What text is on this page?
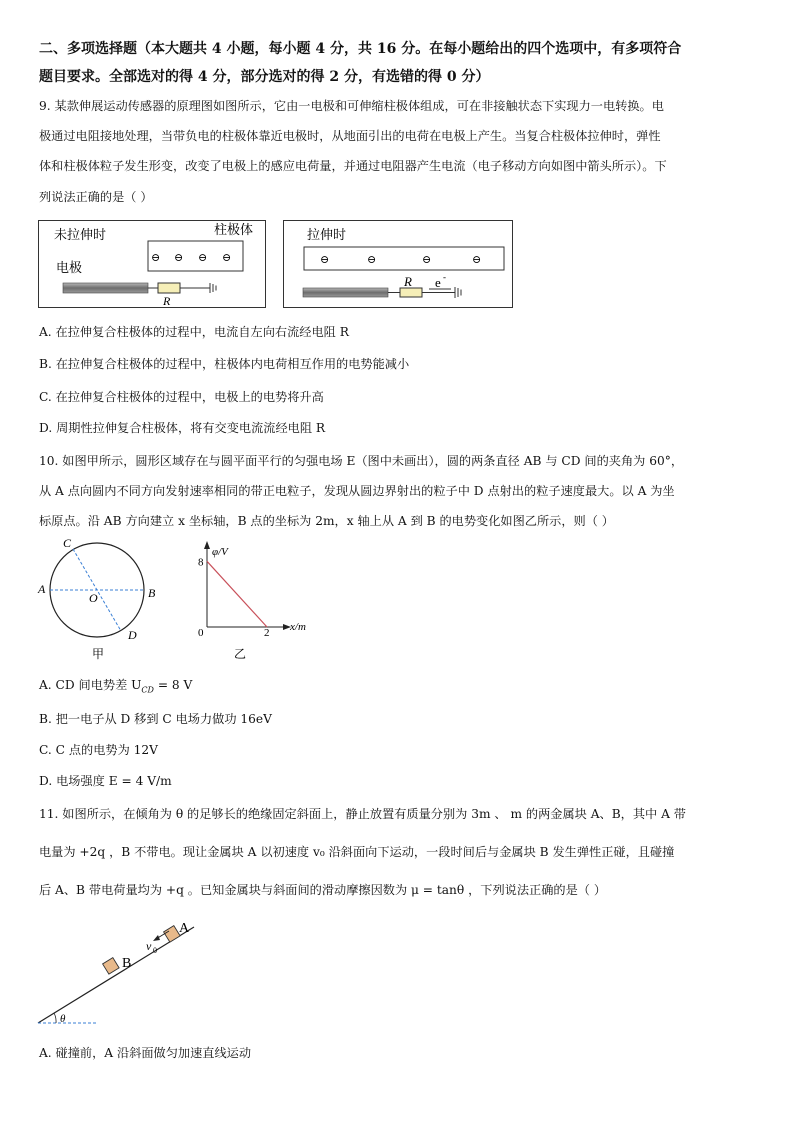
二、多项选择题（本大题共 4 小题，每小题 4 分，共 16 分。在每小题给出的四个选项中，有多项符合
题目要求。全部选对的得 4 分，部分选对的得 2 分，有选错的得 0 分）
9. 某款伸展运动传感器的原理图如图所示，它由一电极和可伸缩柱极体组成，可在非接触状态下实现力一电转换。电
极通过电阻接地处理，当带负电的柱极体靠近电极时，从地面引出的电荷在电极上产生。当复合柱极体拉伸时，弹性
体和柱极体粒子发生形变，改变了电极上的感应电荷量，并通过电阻器产生电流（电子移动方向如图中箭头所示）。下
列说法正确的是（ ）
未拉伸时	柱极体
⊖ ⊖ ⊖ ⊖
电极
R
拉伸时
⊖	⊖	⊖	⊖
R e -
A. 在拉伸复合柱极体的过程中，电流自左向右流经电阻 R
B. 在拉伸复合柱极体的过程中，柱极体内电荷相互作用的电势能减小
C. 在拉伸复合柱极体的过程中，电极上的电势将升高
D. 周期性拉伸复合柱极体，将有交变电流流经电阻 R
10. 如图甲所示，圆形区域存在与圆平面平行的匀强电场 E（图中未画出），圆的两条直径 AB 与 CD 间的夹角为 60°，
从 A 点向圆内不同方向发射速率相同的带正电粒子，发现从圆边界射出的粒子中 D 点射出的粒子速度最大。以 A 为坐
标原点。沿 AB 方向建立 x 坐标轴，B 点的坐标为 2m，x 轴上从 A 到 B 的电势变化如图乙所示，则（ ）
C
A	B
O
D
甲
φ/V
x/m
0
8
2
乙
A. CD 间电势差 $U_{CD} = 8$ V
B. 把一电子从 D 移到 C 电场力做功 16eV
C. C 点的电势为 12V
D. 电场强度 E = 4 V/m
11. 如图所示，在倾角为 θ 的足够长的绝缘固定斜面上，静止放置有质量分别为 3m 、 m 的两金属块 A、B，其中 A 带
电量为 +2q ，B 不带电。现让金属块 A 以初速度 v₀ 沿斜面向下运动，一段时间后与金属块 B 发生弹性正碰，且碰撞
后 A、B 带电荷量均为 +q 。已知金属块与斜面间的滑动摩擦因数为 μ = tanθ ，下列说法正确的是（ ）
θ
B
A
v 0
A. 碰撞前，A 沿斜面做匀加速直线运动
